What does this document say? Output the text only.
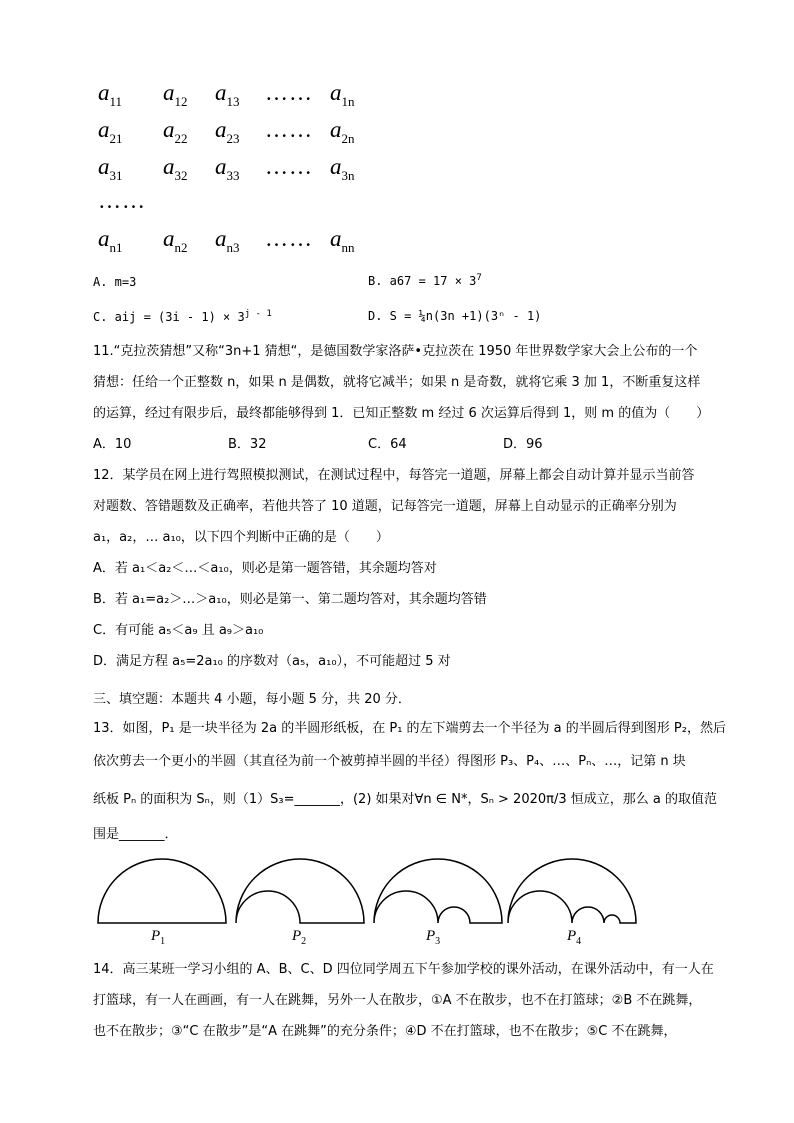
$a_{11}$ $a_{12}$ $a_{13}$ …… $a_{1n}$
$a_{21}$ $a_{22}$ $a_{23}$ …… $a_{2n}$
$a_{31}$ $a_{32}$ $a_{33}$ …… $a_{3n}$
……
$a_{n1}$ $a_{n2}$ $a_{n3}$ …… $a_{nn}$
A. m=3	B. $a67 = 17 \times 3^7$
C. aij = $(3i - 1) \times 3^{j - 1}$	D. S = ¼n(3n +1)(3ⁿ - 1)
11.“克拉茨猜想”又称“3n+1 猜想“，是德国数学家洛萨•克拉茨在 1950 年世界数学家大会上公布的一个
猜想：任给一个正整数 n，如果 n 是偶数，就将它减半；如果 n 是奇数，就将它乘 3 加 1，不断重复这样
的运算，经过有限步后，最终都能够得到 1．已知正整数 m 经过 6 次运算后得到 1，则 m 的值为（　　）
A．10	B．32	C．64	D．96
12．某学员在网上进行驾照模拟测试，在测试过程中，每答完一道题，屏幕上都会自动计算并显示当前答
对题数、答错题数及正确率，若他共答了 10 道题，记每答完一道题，屏幕上自动显示的正确率分别为
a₁，a₂，… a₁₀，以下四个判断中正确的是（　　）
A．若 a₁＜a₂＜…＜a₁₀，则必是第一题答错，其余题均答对
B．若 a₁=a₂＞…＞a₁₀，则必是第一、第二题均答对，其余题均答错
C．有可能 a₅＜a₉ 且 a₉＞a₁₀
D．满足方程 a₅=2a₁₀ 的序数对（a₅，a₁₀），不可能超过 5 对
三、填空题：本题共 4 小题，每小题 5 分，共 20 分．
13．如图，P₁ 是一块半径为 2a 的半圆形纸板，在 P₁ 的左下端剪去一个半径为 a 的半圆后得到图形 P₂，然后
依次剪去一个更小的半圆（其直径为前一个被剪掉半圆的半径）得图形 P₃、P₄、…、Pₙ、…，记第 n 块
纸板 Pₙ 的面积为 Sₙ，则（1）S₃=_______，(2) 如果对∀n ∈ N*，Sₙ > 2020π/3 恒成立，那么 a 的取值范
围是_______．
$P_1$	$P_2$	$P_3$	$P_4$
14．高三某班一学习小组的 A、B、C、D 四位同学周五下午参加学校的课外活动，在课外活动中，有一人在
打篮球，有一人在画画，有一人在跳舞，另外一人在散步，①A 不在散步，也不在打篮球；②B 不在跳舞，
也不在散步；③“C 在散步”是“A 在跳舞”的充分条件；④D 不在打篮球，也不在散步；⑤C 不在跳舞，
